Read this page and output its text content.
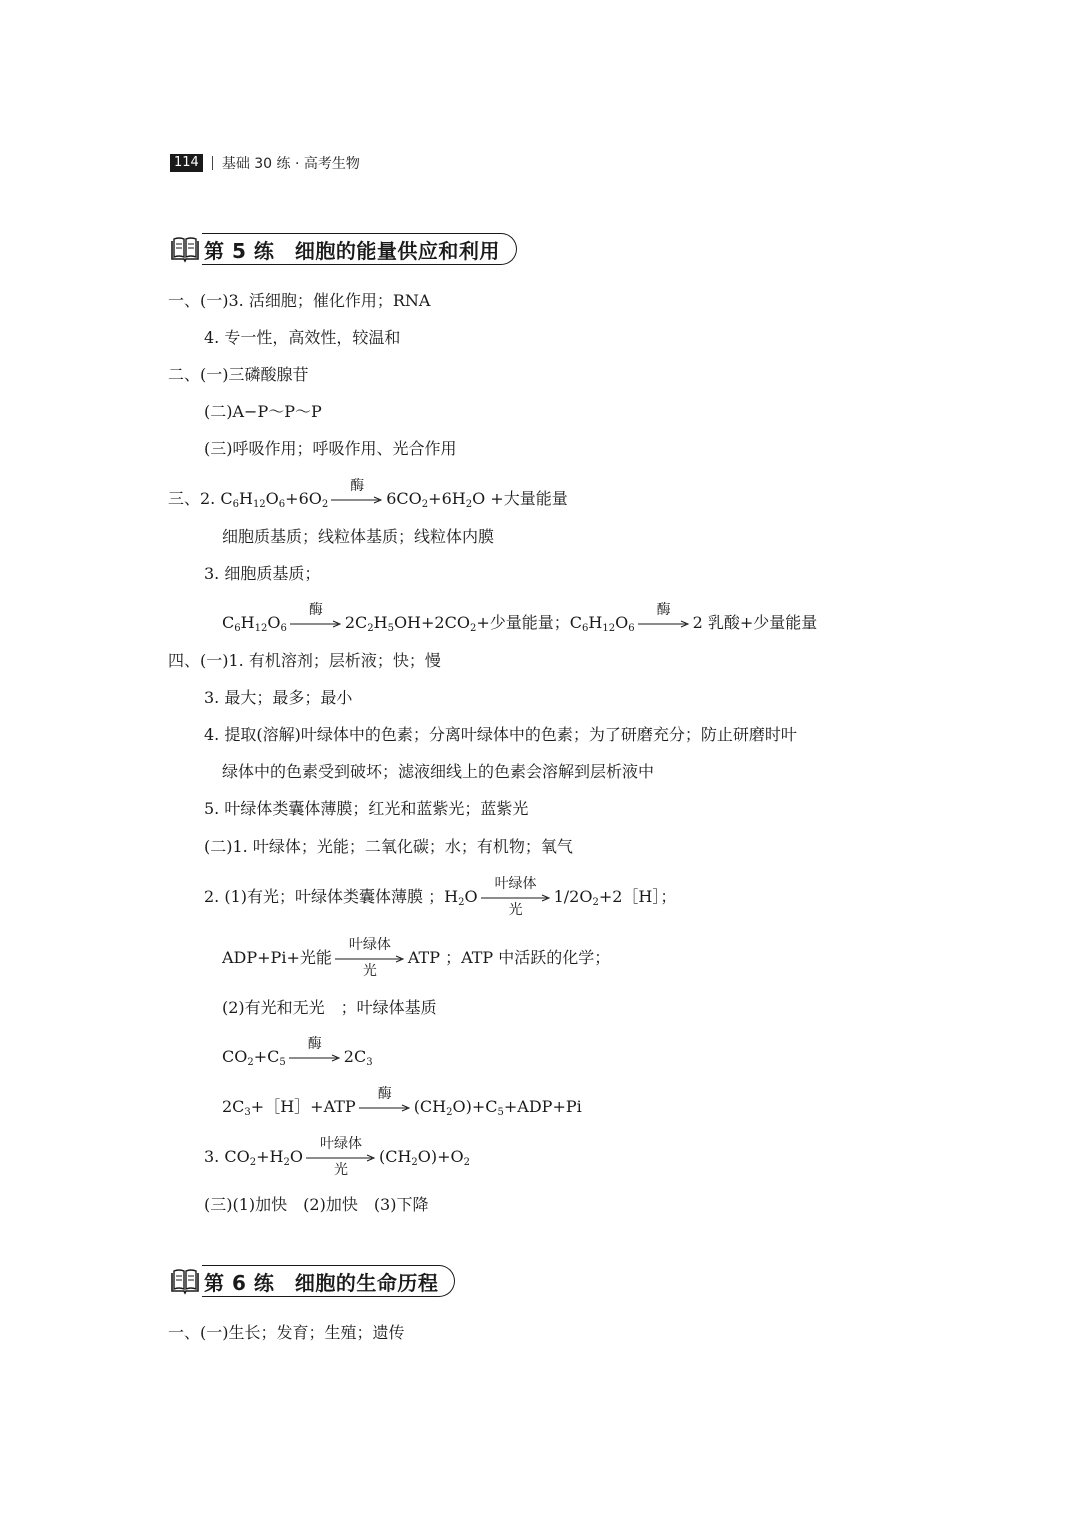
114 基础 30 练 · 高考生物
第 5 练　细胞的能量供应和利用
一、(一)3. 活细胞；催化作用；RNA
4. 专一性，高效性，较温和
二、(一)三磷酸腺苷
(二)A−P～P～P
(三)呼吸作用；呼吸作用、光合作用
三、2. $C_6H_{12}O_6+6O_2$
酶
$6CO_2+6H_2O$ +大量能量
细胞质基质；线粒体基质；线粒体内膜
3. 细胞质基质；
$C_6H_{12}O_6$
酶
$2C_2H_5OH+2CO_2+$少量能量；$C_6H_{12}O_6$
酶
2 乳酸+少量能量
四、(一)1. 有机溶剂；层析液；快；慢
3. 最大；最多；最小
4. 提取(溶解)叶绿体中的色素；分离叶绿体中的色素；为了研磨充分；防止研磨时叶
绿体中的色素受到破坏；滤液细线上的色素会溶解到层析液中
5. 叶绿体类囊体薄膜；红光和蓝紫光；蓝紫光
(二)1. 叶绿体；光能；二氧化碳；水；有机物；氧气
2. (1)有光；叶绿体类囊体薄膜 ；$H_2O$
叶绿体
光
$1/2O_2+2[H]$；
ADP+Pi+光能
叶绿体
光
ATP ；ATP 中活跃的化学；
(2)有光和无光　；叶绿体基质
$CO_2+C_5$
酶
$2C_3$
$2C_3+[H]+ATP$
酶
$(CH_2O)+C_5+ADP+Pi$
3. $CO_2+H_2O$
叶绿体
光
$(CH_2O)+O_2$
(三)(1)加快　(2)加快　(3)下降
第 6 练　细胞的生命历程
一、(一)生长；发育；生殖；遗传
